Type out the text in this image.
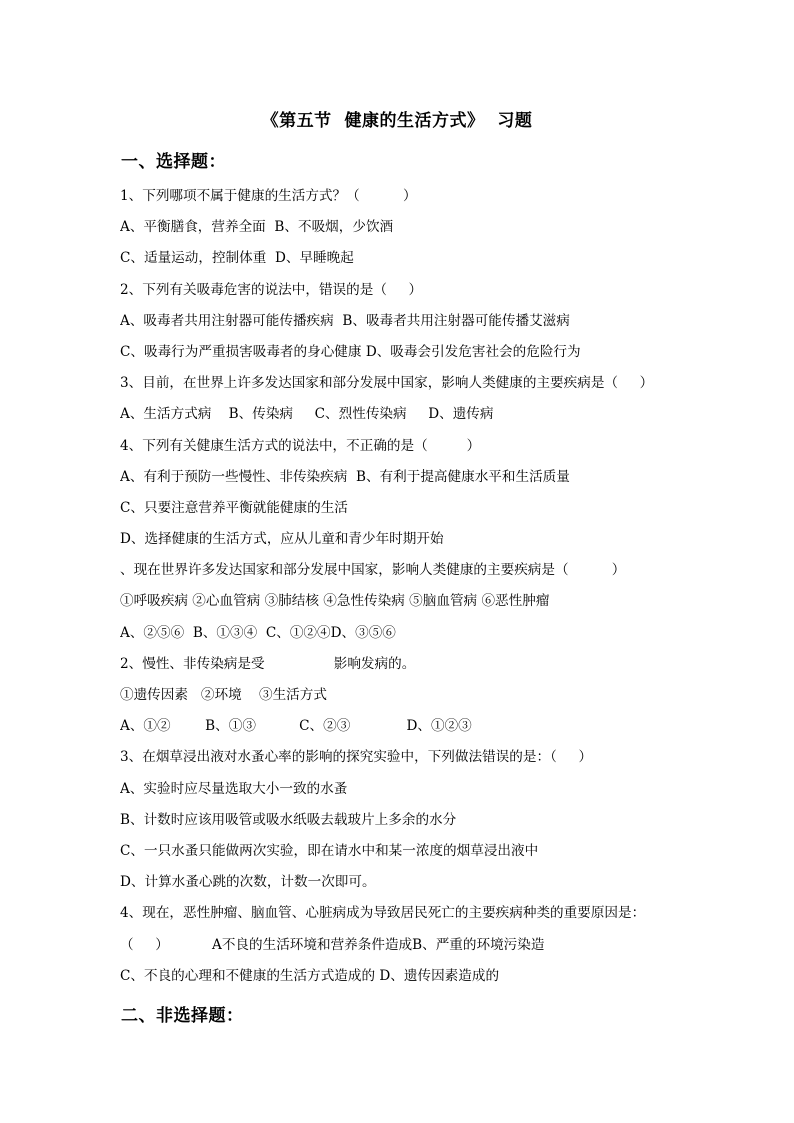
《第五节  健康的生活方式》  习题
一、选择题：
1、下列哪项不属于健康的生活方式？（          ）
A、平衡膳食，营养全面  B、不吸烟，少饮酒
C、适量运动，控制体重  D、早睡晚起
2、下列有关吸毒危害的说法中，错误的是（     ）
A、吸毒者共用注射器可能传播疾病  B、吸毒者共用注射器可能传播艾滋病
C、吸毒行为严重损害吸毒者的身心健康 D、吸毒会引发危害社会的危险行为
3、目前，在世界上许多发达国家和部分发展中国家，影响人类健康的主要疾病是（     ）
A、生活方式病    B、传染病     C、烈性传染病     D、遗传病
4、下列有关健康生活方式的说法中，不正确的是（         ）
A、有利于预防一些慢性、非传染疾病  B、有利于提高健康水平和生活质量
C、只要注意营养平衡就能健康的生活
D、选择健康的生活方式，应从儿童和青少年时期开始
、现在世界许多发达国家和部分发展中国家，影响人类健康的主要疾病是（          ）
①呼吸疾病 ②心血管病 ③肺结核 ④急性传染病 ⑤脑血管病 ⑥恶性肿瘤
A、②⑤⑥  B、①③④  C、①②④D、③⑤⑥
2、慢性、非传染病是受                影响发病的。
①遗传因素   ②环境    ③生活方式
A、①②        B、①③          C、②③             D、①②③
3、在烟草浸出液对水蚤心率的影响的探究实验中，下列做法错误的是：（     ）
A、实验时应尽量选取大小一致的水蚤
B、计数时应该用吸管或吸水纸吸去载玻片上多余的水分
C、一只水蚤只能做两次实验，即在请水中和某一浓度的烟草浸出液中
D、计算水蚤心跳的次数，计数一次即可。
4、现在，恶性肿瘤、脑血管、心脏病成为导致居民死亡的主要疾病种类的重要原因是：
（     ）          A不良的生活环境和营养条件造成B、严重的环境污染造
C、不良的心理和不健康的生活方式造成的 D、遗传因素造成的
二、非选择题：
